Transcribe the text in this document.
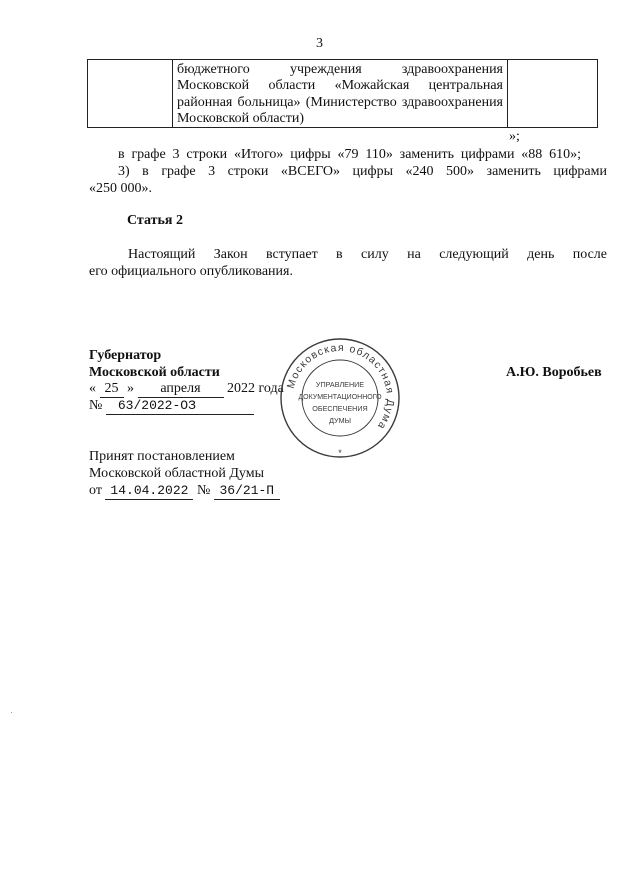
3

бюджетного учреждения здравоохранения Московской области «Можайская центральная районная больница» (Министерство здравоохранения Московской области)

»;
в графе 3 строки «Итого» цифры «79 110» заменить цифрами «88 610»;
3) в графе 3 строки «ВСЕГО» цифры «240 500» заменить цифрами
«250 000».
Статья 2
Настоящий Закон вступает в силу на следующий день после
его официального опубликования.
Губернатор
Московской области	А.Ю. Воробьев
« 25 » апреля 2022 года
№ 63/2022-ОЗ
Принят постановлением
Московской областной Думы
от 14.04.2022 № 36/21-П
Московская областная Дума
УПРАВЛЕНИЕ
ДОКУМЕНТАЦИОННОГО
ОБЕСПЕЧЕНИЯ
ДУМЫ
*
